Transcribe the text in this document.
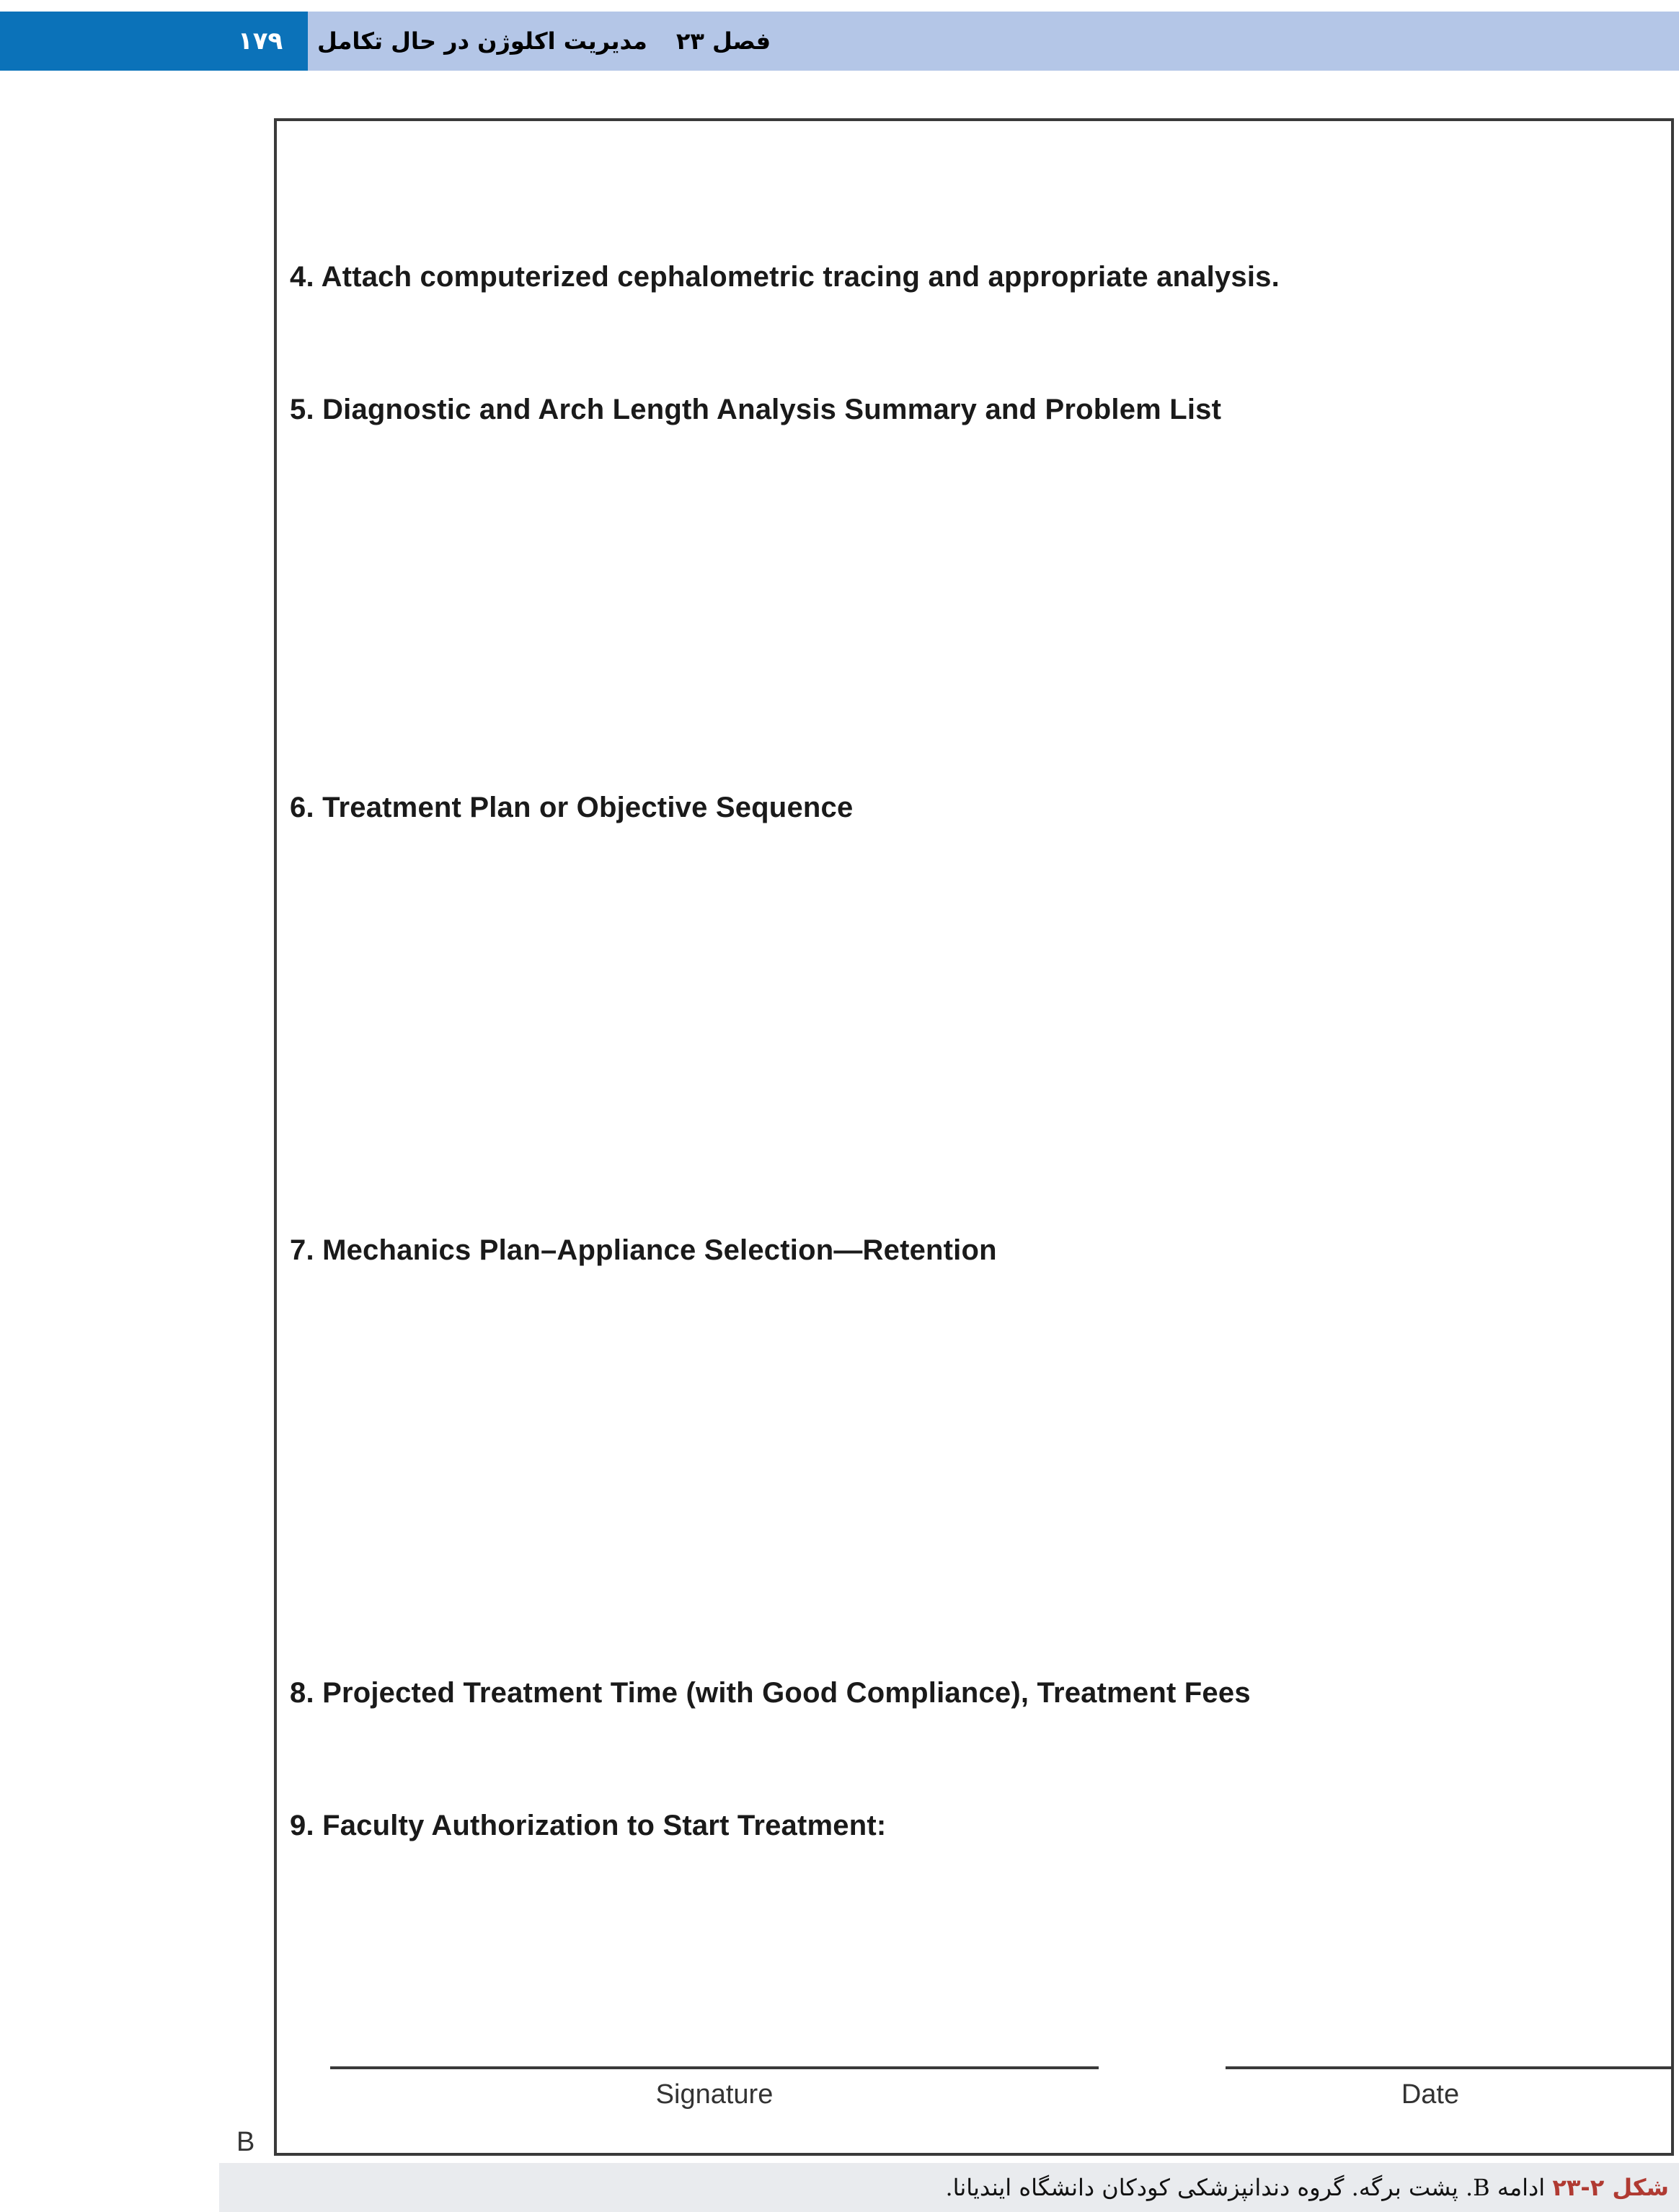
۱۷۹	فصل ۲۳
مدیریت اکلوژن در حال تکامل
4. Attach computerized cephalometric tracing and appropriate analysis.
5. Diagnostic and Arch Length Analysis Summary and Problem List
6. Treatment Plan or Objective Sequence
7. Mechanics Plan–Appliance Selection—Retention
8. Projected Treatment Time (with Good Compliance), Treatment Fees
9. Faculty Authorization to Start Treatment:
Signature	Date
B
شکل ۲-۲۳ ادامه B. پشت برگه. گروه دندانپزشکی کودکان دانشگاه ایندیانا.
